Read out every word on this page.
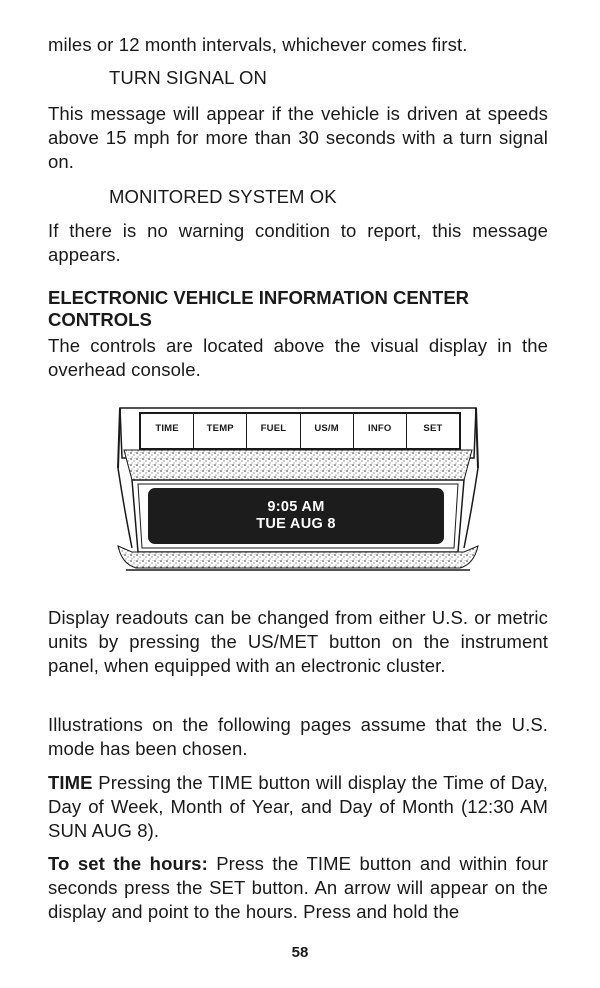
miles or 12 month intervals, whichever comes first.

TURN SIGNAL ON

This message will appear if the vehicle is driven at speeds above 15 mph for more than 30 seconds with a turn signal on.

MONITORED SYSTEM OK

If there is no warning condition to report, this message appears.

ELECTRONIC VEHICLE INFORMATION CENTER
CONTROLS

The controls are located above the visual display in the overhead console.

TIME	TEMP	FUEL	US/M	INFO	SET
9:05 AM
TUE AUG 8

Display readouts can be changed from either U.S. or metric units by pressing the US/MET button on the instrument panel, when equipped with an electronic cluster.

Illustrations on the following pages assume that the U.S. mode has been chosen.

TIME Pressing the TIME button will display the Time of Day, Day of Week, Month of Year, and Day of Month (12:30 AM SUN AUG 8).

To set the hours: Press the TIME button and within four seconds press the SET button. An arrow will appear on the display and point to the hours. Press and hold the

58
